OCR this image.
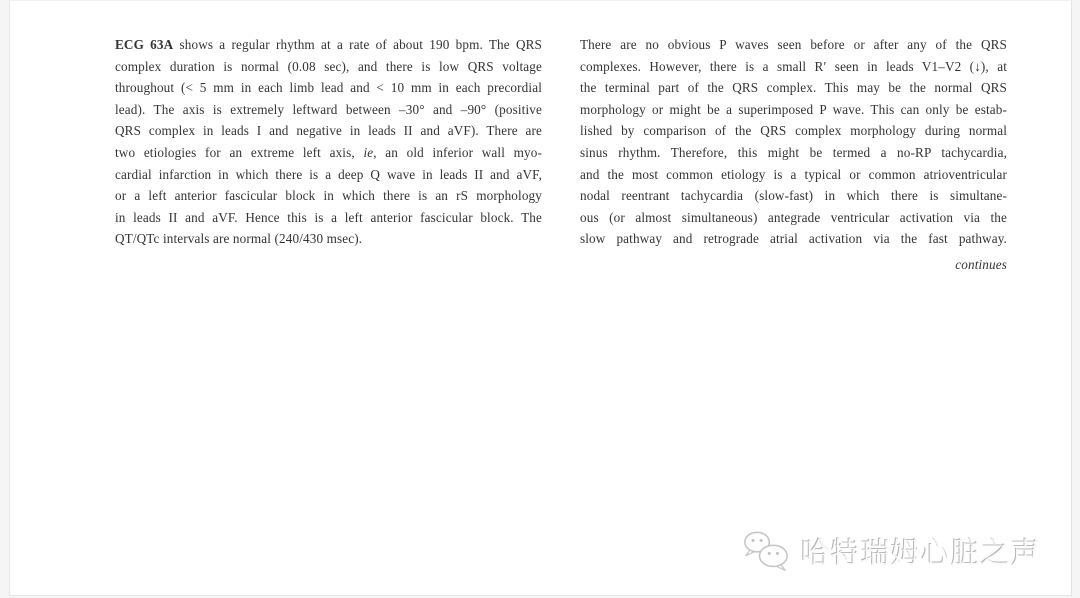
ECG 63A shows a regular rhythm at a rate of about 190 bpm. The QRS
complex duration is normal (0.08 sec), and there is low QRS voltage
throughout (< 5 mm in each limb lead and < 10 mm in each precordial
lead). The axis is extremely leftward between –30° and –90° (positive
QRS complex in leads I and negative in leads II and aVF). There are
two etiologies for an extreme left axis, ie, an old inferior wall myo-
cardial infarction in which there is a deep Q wave in leads II and aVF,
or a left anterior fascicular block in which there is an rS morphology
in leads II and aVF. Hence this is a left anterior fascicular block. The
QT/QTc intervals are normal (240/430 msec).
There are no obvious P waves seen before or after any of the QRS
complexes. However, there is a small R′ seen in leads V1–V2 (↓), at
the terminal part of the QRS complex. This may be the normal QRS
morphology or might be a superimposed P wave. This can only be estab-
lished by comparison of the QRS complex morphology during normal
sinus rhythm. Therefore, this might be termed a no-RP tachycardia,
and the most common etiology is a typical or common atrioventricular
nodal reentrant tachycardia (slow-fast) in which there is simultane-
ous (or almost simultaneous) antegrade ventricular activation via the
slow pathway and retrograde atrial activation via the fast pathway.
continues
哈特瑞姆心脏之声
